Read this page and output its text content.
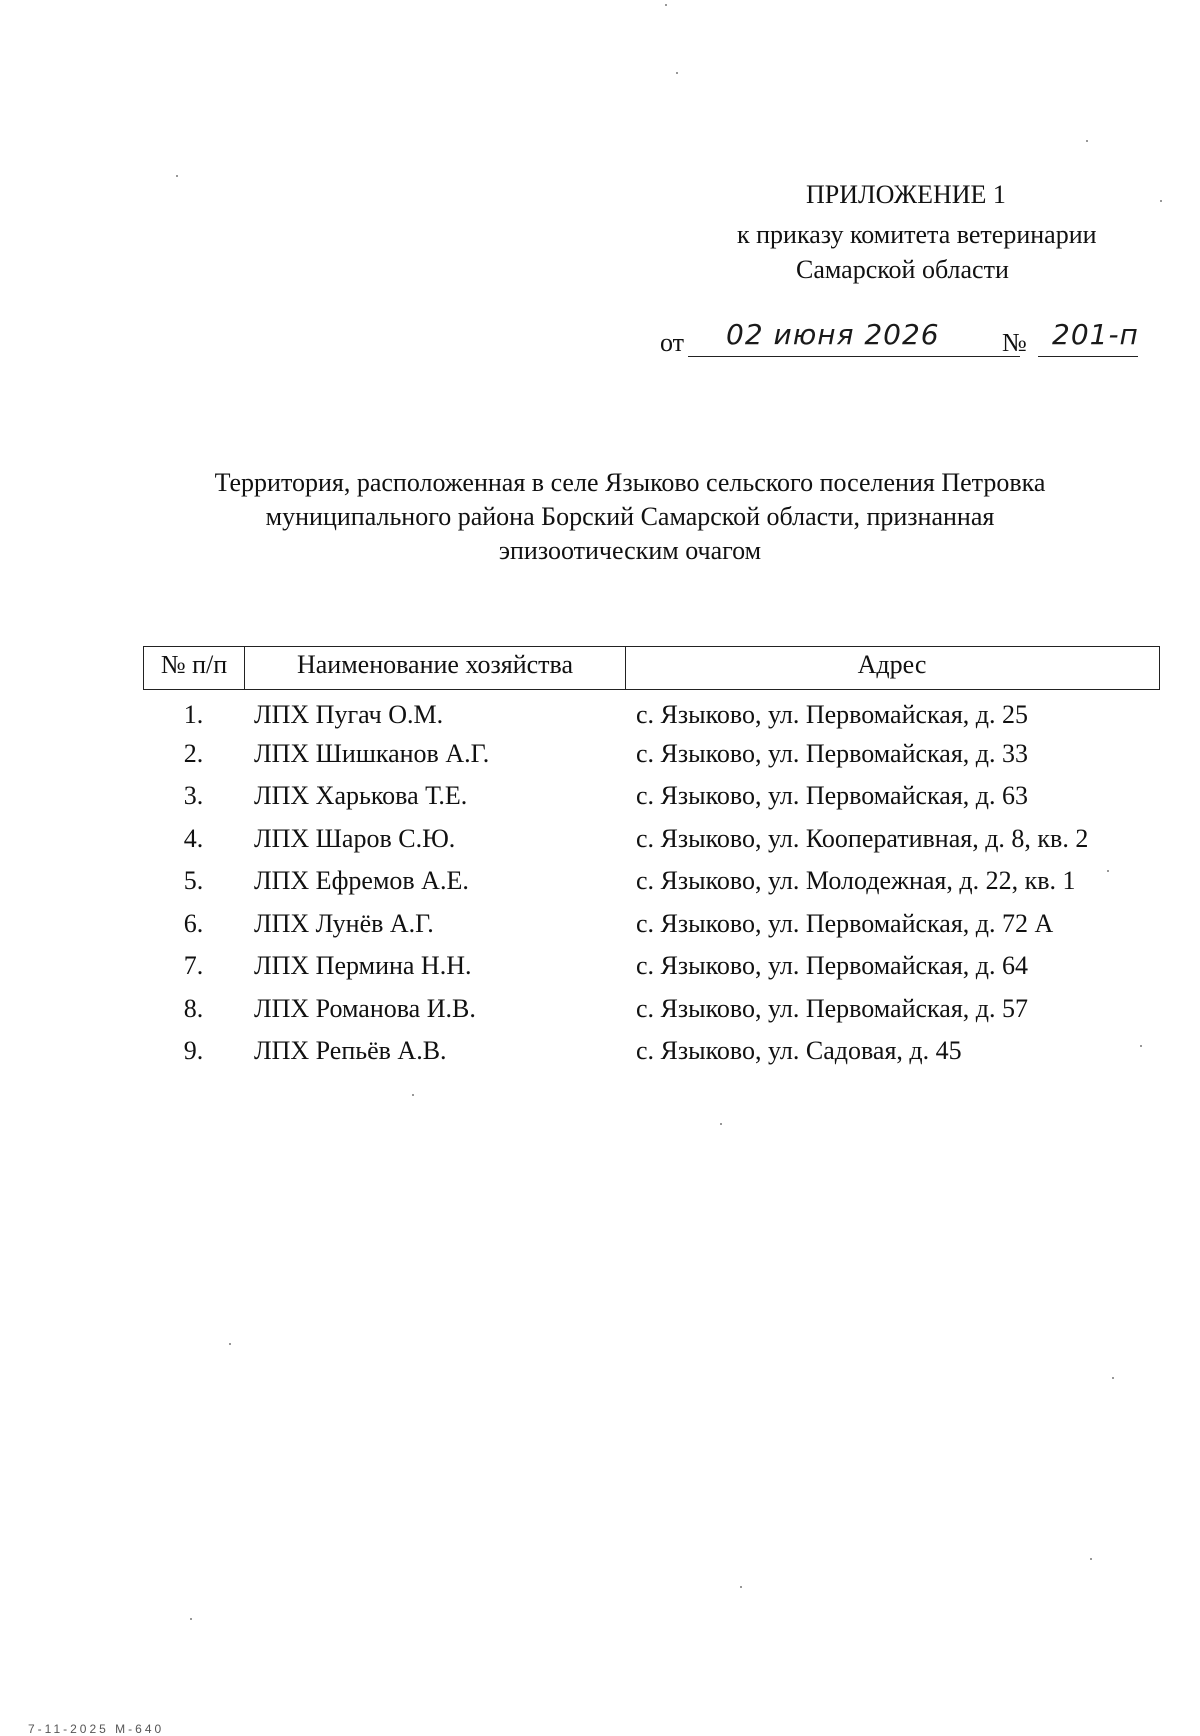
ПРИЛОЖЕНИЕ 1
к приказу комитета ветеринарии
Самарской области
от 02 июня 2026 № 201-п
Территория, расположенная в селе Языково сельского поселения Петровка
муниципального района Борский Самарской области, признанная
эпизоотическим очагом
№ п/п	Наименование хозяйства	Адрес
1.	ЛПХ Пугач О.М.	с. Языково, ул. Первомайская, д. 25
2.	ЛПХ Шишканов А.Г.	с. Языково, ул. Первомайская, д. 33
3.	ЛПХ Харькова Т.Е.	с. Языково, ул. Первомайская, д. 63
4.	ЛПХ Шаров С.Ю.	с. Языково, ул. Кооперативная, д. 8, кв. 2
5.	ЛПХ Ефремов А.Е.	с. Языково, ул. Молодежная, д. 22, кв. 1
6.	ЛПХ Лунёв А.Г.	с. Языково, ул. Первомайская, д. 72 А
7.	ЛПХ Пермина Н.Н.	с. Языково, ул. Первомайская, д. 64
8.	ЛПХ Романова И.В.	с. Языково, ул. Первомайская, д. 57
9.	ЛПХ Репьёв А.В.	с. Языково, ул. Садовая, д. 45
7-11-2025 М-640
